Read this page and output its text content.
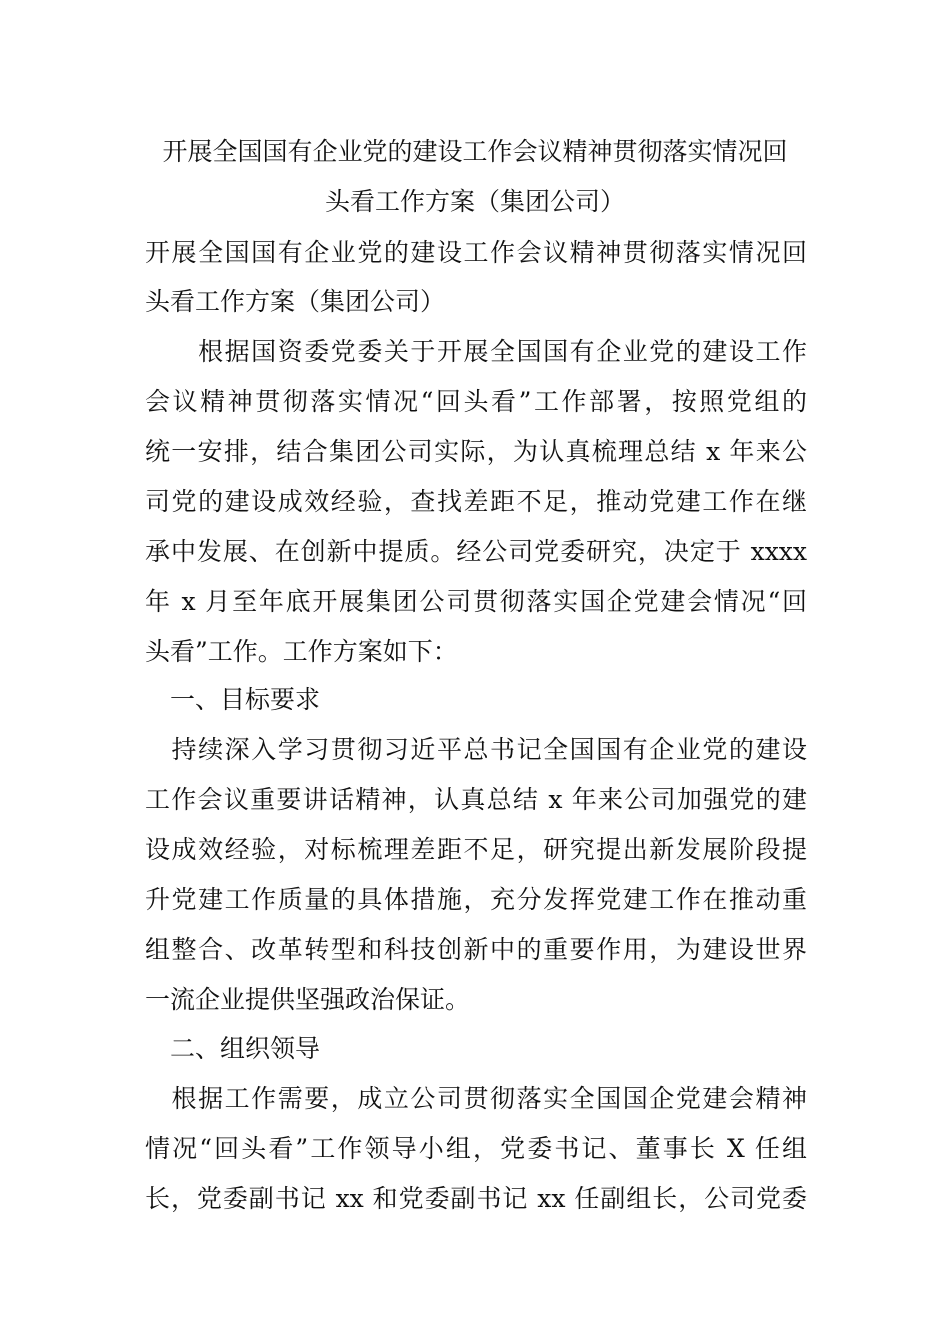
开展全国国有企业党的建设工作会议精神贯彻落实情况回

头看工作方案（集团公司）

开展全国国有企业党的建设工作会议精神贯彻落实情况回

头看工作方案（集团公司）

　　根据国资委党委关于开展全国国有企业党的建设工作

会议精神贯彻落实情况“回头看”工作部署，按照党组的

统一安排，结合集团公司实际，为认真梳理总结 x 年来公

司党的建设成效经验，查找差距不足，推动党建工作在继

承中发展、在创新中提质。经公司党委研究，决定于 xxxx

年 x 月至年底开展集团公司贯彻落实国企党建会情况“回

头看”工作。工作方案如下：

　一、目标要求

　持续深入学习贯彻习近平总书记全国国有企业党的建设

工作会议重要讲话精神，认真总结 x 年来公司加强党的建

设成效经验，对标梳理差距不足，研究提出新发展阶段提

升党建工作质量的具体措施，充分发挥党建工作在推动重

组整合、改革转型和科技创新中的重要作用，为建设世界

一流企业提供坚强政治保证。

　二、组织领导

　根据工作需要，成立公司贯彻落实全国国企党建会精神

情况“回头看”工作领导小组，党委书记、董事长 X 任组

长，党委副书记 xx 和党委副书记 xx 任副组长，公司党委
